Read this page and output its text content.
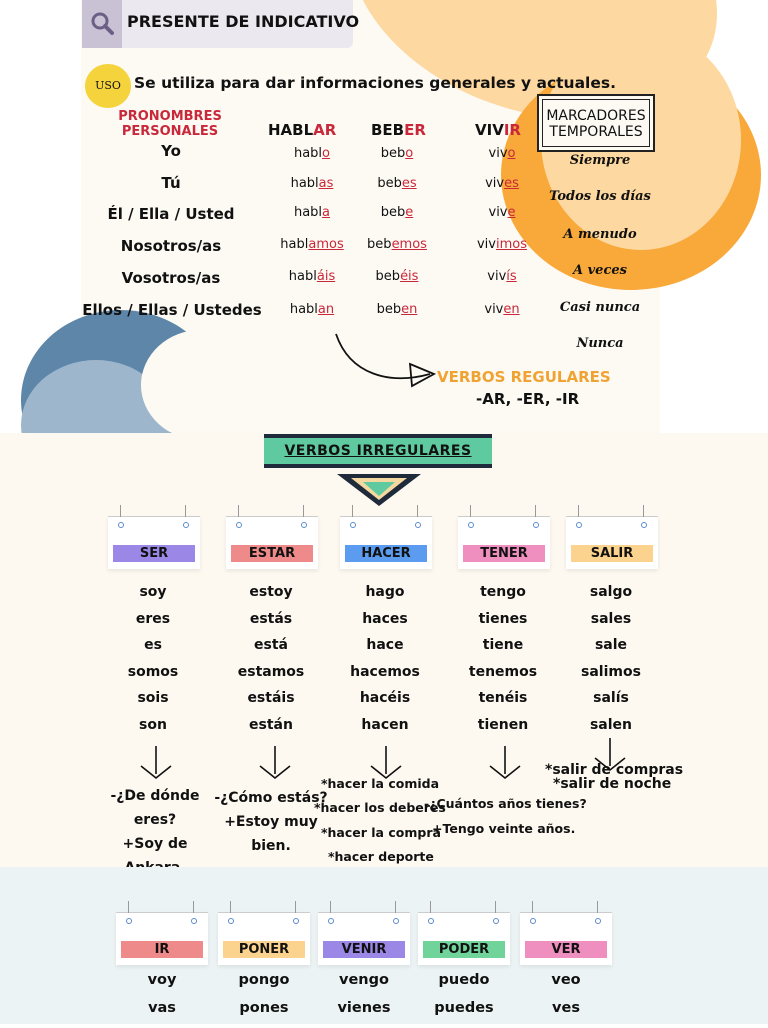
PRESENTE DE INDICATIVO
USO Se utiliza para dar informaciones generales y actuales.
PRONOMBRES PERSONALES	HABLAR BEBER	VIVIR
Yo
Tú
Él / Ella / Usted
Nosotros/as
Vosotros/as
Ellos / Ellas / Ustedes
hablo
hablas
habla
hablamos
habláis
hablan
bebo
bebes
bebe
bebemos
bebéis
beben
vivo
vives
vive
vivimos
vivís
viven
MARCADORES TEMPORALES
Siempre
Todos los días
A menudo
A veces
Casi nunca
Nunca
VERBOS REGULARES
-AR, -ER, -IR
VERBOS IRREGULARES
SER
soy
eres
es
somos
sois
son
ESTAR
estoy
estás
está
estamos
estáis
están
HACER
hago
haces
hace
hacemos
hacéis
hacen
TENER
tengo
tienes
tiene
tenemos
tenéis
tienen
SALIR
salgo
sales
sale
salimos
salís
salen
-¿De dónde
eres?
+Soy de
-¿Cómo estás?
+Estoy muy
bien.
*hacer la comida
*hacer los deberes
*hacer la compra
*hacer deporte
-¿Cuántos años tienes?
+Tengo veinte años.
*salir de compras
*salir de noche
IR
voy
vas
PONER
pongo
pones
VENIR
vengo
vienes
PODER
puedo
puedes
VER
veo
ves
